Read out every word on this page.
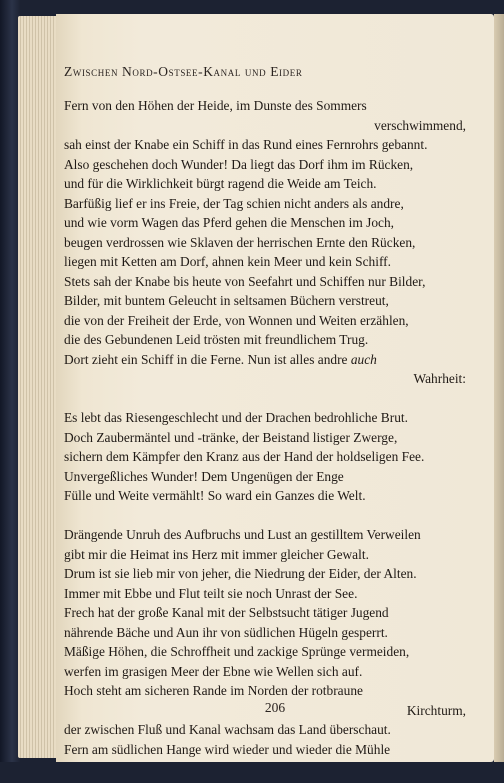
Zwischen Nord-Ostsee-Kanal und Eider
Fern von den Höhen der Heide, im Dunste des Sommers
verschwimmend,
sah einst der Knabe ein Schiff in das Rund eines Fernrohrs gebannt.
Also geschehen doch Wunder! Da liegt das Dorf ihm im Rücken,
und für die Wirklichkeit bürgt ragend die Weide am Teich.
Barfüßig lief er ins Freie, der Tag schien nicht anders als andre,
und wie vorm Wagen das Pferd gehen die Menschen im Joch,
beugen verdrossen wie Sklaven der herrischen Ernte den Rücken,
liegen mit Ketten am Dorf, ahnen kein Meer und kein Schiff.
Stets sah der Knabe bis heute von Seefahrt und Schiffen nur Bilder,
Bilder, mit buntem Geleucht in seltsamen Büchern verstreut,
die von der Freiheit der Erde, von Wonnen und Weiten erzählen,
die des Gebundenen Leid trösten mit freundlichem Trug.
Dort zieht ein Schiff in die Ferne. Nun ist alles andre auch
Wahrheit:
Es lebt das Riesengeschlecht und der Drachen bedrohliche Brut.
Doch Zaubermäntel und -tränke, der Beistand listiger Zwerge,
sichern dem Kämpfer den Kranz aus der Hand der holdseligen Fee.
Unvergeßliches Wunder! Dem Ungenügen der Enge
Fülle und Weite vermählt! So ward ein Ganzes die Welt.
Drängende Unruh des Aufbruchs und Lust an gestilltem Verweilen
gibt mir die Heimat ins Herz mit immer gleicher Gewalt.
Drum ist sie lieb mir von jeher, die Niedrung der Eider, der Alten.
Immer mit Ebbe und Flut teilt sie noch Unrast der See.
Frech hat der große Kanal mit der Selbstsucht tätiger Jugend
nährende Bäche und Aun ihr von südlichen Hügeln gesperrt.
Mäßige Höhen, die Schroffheit und zackige Sprünge vermeiden,
werfen im grasigen Meer der Ebne wie Wellen sich auf.
Hoch steht am sicheren Rande im Norden der rotbraune
Kirchturm,
der zwischen Fluß und Kanal wachsam das Land überschaut.
Fern am südlichen Hange wird wieder und wieder die Mühle
206
